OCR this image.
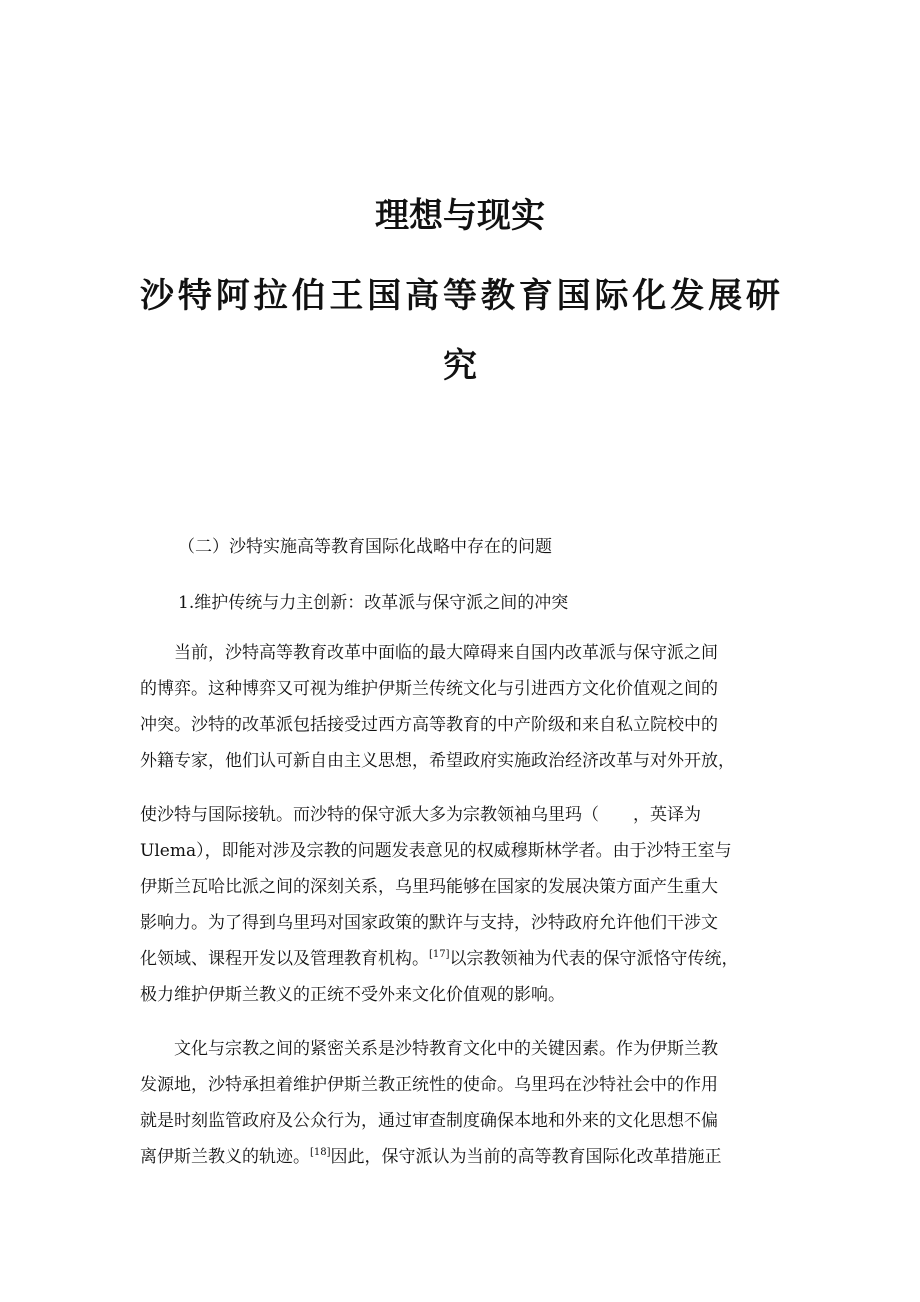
理想与现实
沙特阿拉伯王国高等教育国际化发展研
究

（二）沙特实施高等教育国际化战略中存在的问题

1.维护传统与力主创新：改革派与保守派之间的冲突

　　当前，沙特高等教育改革中面临的最大障碍来自国内改革派与保守派之间

的博弈。这种博弈又可视为维护伊斯兰传统文化与引进西方文化价值观之间的

冲突。沙特的改革派包括接受过西方高等教育的中产阶级和来自私立院校中的

外籍专家，他们认可新自由主义思想，希望政府实施政治经济改革与对外开放，

使沙特与国际接轨。而沙特的保守派大多为宗教领袖乌里玛（　　，英译为

Ulema），即能对涉及宗教的问题发表意见的权威穆斯林学者。由于沙特王室与

伊斯兰瓦哈比派之间的深刻关系，乌里玛能够在国家的发展决策方面产生重大

影响力。为了得到乌里玛对国家政策的默许与支持，沙特政府允许他们干涉文

化领域、课程开发以及管理教育机构。[17]以宗教领袖为代表的保守派恪守传统，

极力维护伊斯兰教义的正统不受外来文化价值观的影响。

　　文化与宗教之间的紧密关系是沙特教育文化中的关键因素。作为伊斯兰教

发源地，沙特承担着维护伊斯兰教正统性的使命。乌里玛在沙特社会中的作用

就是时刻监管政府及公众行为，通过审查制度确保本地和外来的文化思想不偏

离伊斯兰教义的轨迹。[18]因此，保守派认为当前的高等教育国际化改革措施正
